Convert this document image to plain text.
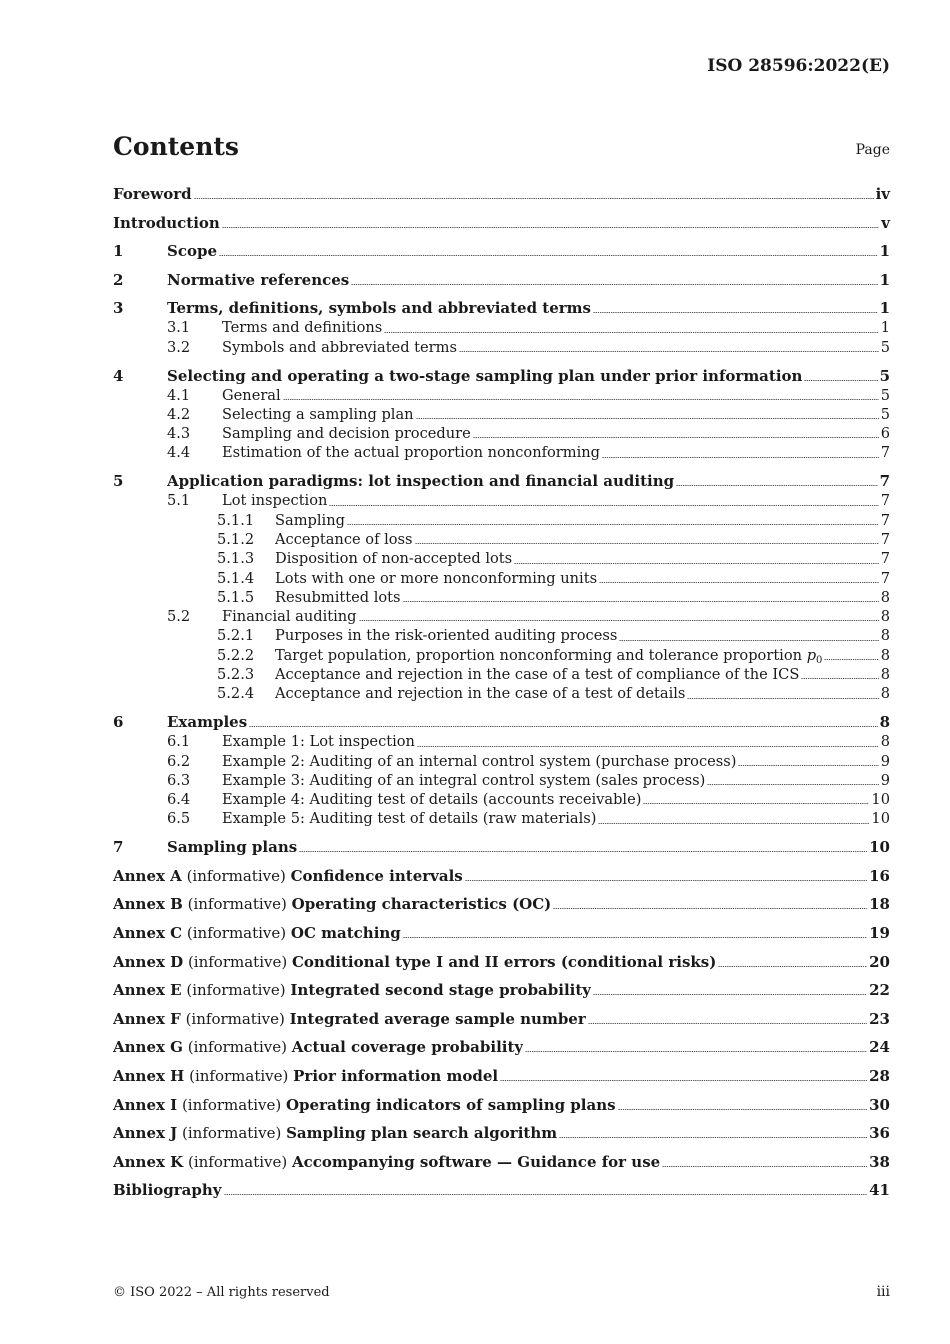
ISO 28596:2022(E)
Contents	Page
Foreword	iv
Introduction	v
1	Scope	1
2	Normative references	1
3	Terms, definitions, symbols and abbreviated terms	1
3.1	Terms and definitions	1
3.2	Symbols and abbreviated terms	5
4	Selecting and operating a two-stage sampling plan under prior information	5
4.1	General	5
4.2	Selecting a sampling plan	5
4.3	Sampling and decision procedure	6
4.4	Estimation of the actual proportion nonconforming	7
5	Application paradigms: lot inspection and financial auditing	7
5.1	Lot inspection	7
5.1.1	Sampling	7
5.1.2	Acceptance of loss	7
5.1.3	Disposition of non-accepted lots	7
5.1.4	Lots with one or more nonconforming units	7
5.1.5	Resubmitted lots	8
5.2	Financial auditing	8
5.2.1	Purposes in the risk-oriented auditing process	8
5.2.2	Target population, proportion nonconforming and tolerance proportion $p_0$	8
5.2.3	Acceptance and rejection in the case of a test of compliance of the ICS	8
5.2.4	Acceptance and rejection in the case of a test of details	8
6	Examples	8
6.1	Example 1: Lot inspection	8
6.2	Example 2: Auditing of an internal control system (purchase process)	9
6.3	Example 3: Auditing of an integral control system (sales process)	9
6.4	Example 4: Auditing test of details (accounts receivable)	10
6.5	Example 5: Auditing test of details (raw materials)	10
7	Sampling plans	10
Annex A (informative) Confidence intervals	16
Annex B (informative) Operating characteristics (OC)	18
Annex C (informative) OC matching	19
Annex D (informative) Conditional type I and II errors (conditional risks)	20
Annex E (informative) Integrated second stage probability	22
Annex F (informative) Integrated average sample number	23
Annex G (informative) Actual coverage probability	24
Annex H (informative) Prior information model	28
Annex I (informative) Operating indicators of sampling plans	30
Annex J (informative) Sampling plan search algorithm	36
Annex K (informative) Accompanying software — Guidance for use	38
Bibliography	41
© ISO 2022 – All rights reserved	iii
